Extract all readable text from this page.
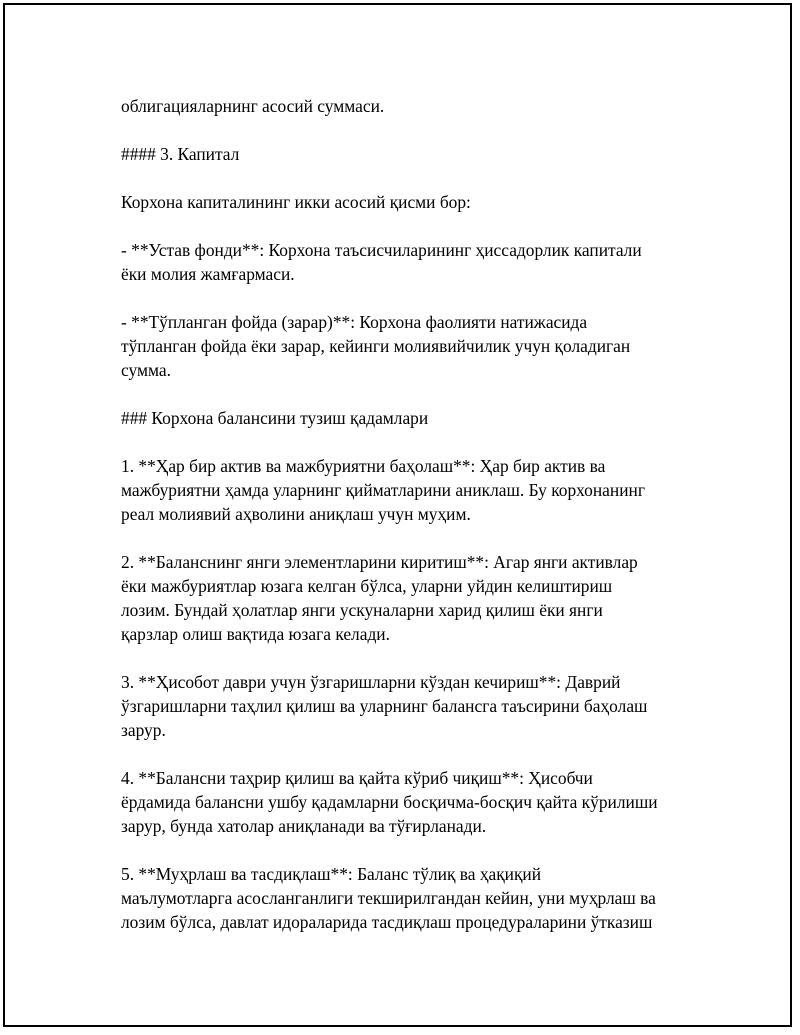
облигацияларнинг асосий суммаси.

#### 3. Капитал

Корхона капиталининг икки асосий қисми бор:

- **Устав фонди**: Корхона таъсисчиларининг ҳиссадорлик капитали
ёки молия жамғармаси.

- **Тўпланган фойда (зарар)**: Корхона фаолияти натижасида
тўпланган фойда ёки зарар, кейинги молиявийчилик учун қоладиган
сумма.

### Корхона балансини тузиш қадамлари

1. **Ҳар бир актив ва мажбуриятни баҳолаш**: Ҳар бир актив ва
мажбуриятни ҳамда уларнинг қийматларини аниклаш. Бу корхонанинг
реал молиявий аҳволини аниқлаш учун муҳим.

2. **Баланснинг янги элементларини киритиш**: Агар янги активлар
ёки мажбуриятлар юзага келган бўлса, уларни уйдин келиштириш
лозим. Бундай ҳолатлар янги ускуналарни харид қилиш ёки янги
қарзлар олиш вақтида юзага келади.

3. **Ҳисобот даври учун ўзгаришларни кўздан кечириш**: Даврий
ўзгаришларни таҳлил қилиш ва уларнинг балансга таъсирини баҳолаш
зарур.

4. **Балансни таҳрир қилиш ва қайта кўриб чиқиш**: Ҳисобчи
ёрдамида балансни ушбу қадамларни босқичма-босқич қайта кўрилиши
зарур, бунда хатолар аниқланади ва тўғирланади.

5. **Муҳрлаш ва тасдиқлаш**: Баланс тўлиқ ва ҳақиқий
маълумотларга асосланганлиги текширилгандан кейин, уни муҳрлаш ва
лозим бўлса, давлат идораларида тасдиқлаш процедураларини ўтказиш
